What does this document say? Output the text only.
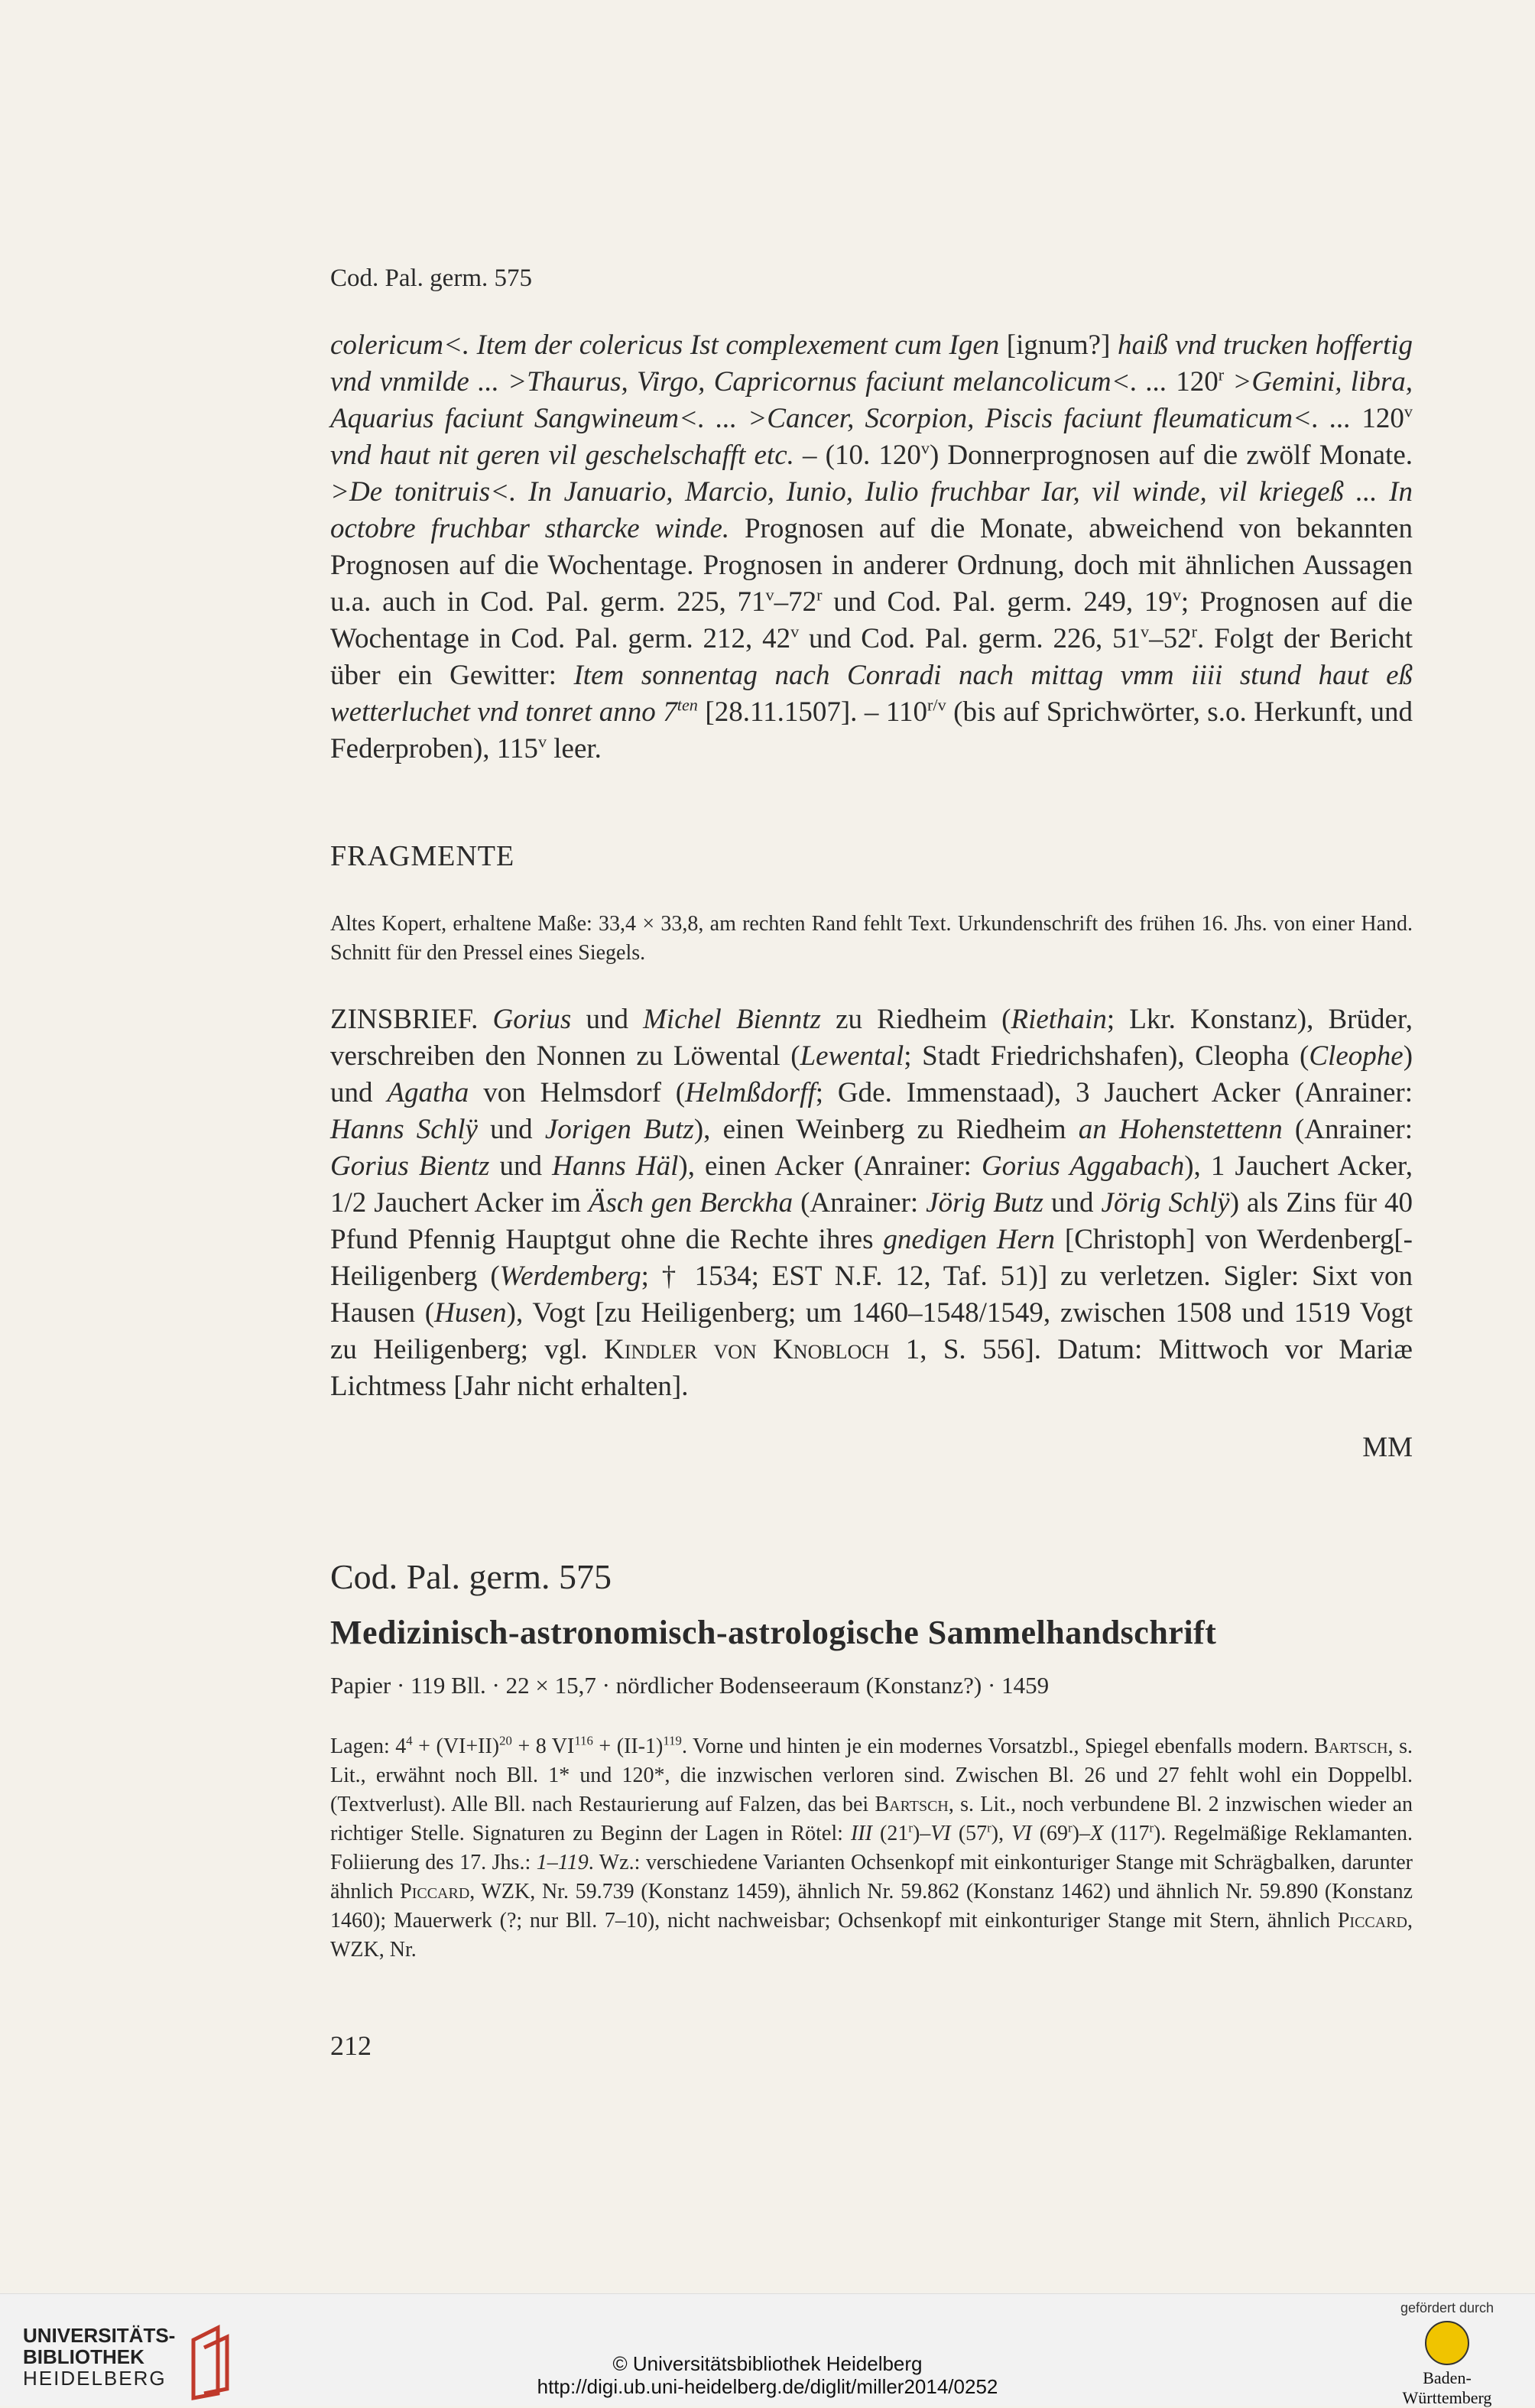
Cod. Pal. germ. 575

colericum<. Item der colericus Ist complexement cum Igen [ignum?] haiß vnd trucken hoffertig vnd vnmilde ... >Thaurus, Virgo, Capricornus faciunt melancolicum<. ... $120^r >Gemini$, libra, Aquarius faciunt Sangwineum<. ... >Cancer, Scorpion, Piscis faciunt fleumaticum<. ... 120$^v$ vnd haut nit geren vil geschelschafft etc. – (10. 120$^v$) Donnerprognosen auf die zwölf Monate. >De tonitruis<. In Januario, Marcio, Iunio, Iulio fruchbar Iar, vil winde, vil kriegeß ... In octobre fruchbar stharcke winde. Prognosen auf die Monate, abweichend von bekannten Prognosen auf die Wochentage. Prognosen in anderer Ordnung, doch mit ähnlichen Aussagen u.a. auch in Cod. Pal. germ. 225, 71$^v$–72$^r$ und Cod. Pal. germ. 249, 19$^v$; Prognosen auf die Wochentage in Cod. Pal. germ. 212, 42$^v$ und Cod. Pal. germ. 226, 51$^v$–52$^r$. Folgt der Bericht über ein Gewitter: Item sonnentag nach Conradi nach mittag vmm iiii stund haut eß wetterluchet vnd tonret anno $7^{ten}$ [28.11.1507]. – $110^{r/v}$ (bis auf Sprichwörter, s.o. Herkunft, und Federproben), 115$^v$ leer.

FRAGMENTE

Altes Kopert, erhaltene Maße: 33,4 × 33,8, am rechten Rand fehlt Text. Urkundenschrift des frühen 16. Jhs. von einer Hand. Schnitt für den Pressel eines Siegels.

ZINSBRIEF. Gorius und Michel Bienntz zu Riedheim (Riethain; Lkr. Konstanz), Brüder, verschreiben den Nonnen zu Löwental (Lewental; Stadt Friedrichshafen), Cleopha (Cleophe) und Agatha von Helmsdorf (Helmßdorff; Gde. Immenstaad), 3 Jauchert Acker (Anrainer: Hanns Schlÿ und Jorigen Butz), einen Weinberg zu Riedheim an Hohenstettenn (Anrainer: Gorius Bientz und Hanns Häl), einen Acker (Anrainer: Gorius Aggabach), 1 Jauchert Acker, 1/2 Jauchert Acker im Äsch gen Berckha (Anrainer: Jörig Butz und Jörig Schlÿ) als Zins für 40 Pfund Pfennig Hauptgut ohne die Rechte ihres gnedigen Hern [Christoph] von Werdenberg[-Heiligenberg (Werdemberg; † 1534; EST N.F. 12, Taf. 51)] zu verletzen. Sigler: Sixt von Hausen (Husen), Vogt [zu Heiligenberg; um 1460–1548/1549, zwischen 1508 und 1519 Vogt zu Heiligenberg; vgl. Kindler von Knobloch 1, S. 556]. Datum: Mittwoch vor Mariæ Lichtmess [Jahr nicht erhalten].

MM
Cod. Pal. germ. 575
Medizinisch-astronomisch-astrologische Sammelhandschrift
Papier · 119 Bll. · 22 × 15,7 · nördlicher Bodenseeraum (Konstanz?) · 1459

Lagen: $4^4 + (VI+II)^{20} + 8$ $VI^{116} + (II-1)^{119}$. Vorne und hinten je ein modernes Vorsatzbl., Spiegel ebenfalls modern. Bartsch, s. Lit., erwähnt noch Bll. 1* und 120*, die inzwischen verloren sind. Zwischen Bl. 26 und 27 fehlt wohl ein Doppelbl. (Textverlust). Alle Bll. nach Restaurierung auf Falzen, das bei Bartsch, s. Lit., noch verbundene Bl. 2 inzwischen wieder an richtiger Stelle. Signaturen zu Beginn der Lagen in Rötel: III (21$^r$)–VI (57$^r$), VI (69$^r$)–X (117$^r$). Regelmäßige Reklamanten. Foliierung des 17. Jhs.: 1–119. Wz.: verschiedene Varianten Ochsenkopf mit einkonturiger Stange mit Schrägbalken, darunter ähnlich Piccard, WZK, Nr. 59.739 (Konstanz 1459), ähnlich Nr. 59.862 (Konstanz 1462) und ähnlich Nr. 59.890 (Konstanz 1460); Mauerwerk (?; nur Bll. 7–10), nicht nachweisbar; Ochsenkopf mit einkonturiger Stange mit Stern, ähnlich Piccard, WZK, Nr.

212
UNIVERSITÄTS-
BIBLIOTHEK
HEIDELBERG
© Universitätsbibliothek Heidelberg
http://digi.ub.uni-heidelberg.de/diglit/miller2014/0252
gefördert durch
Baden-Württemberg
